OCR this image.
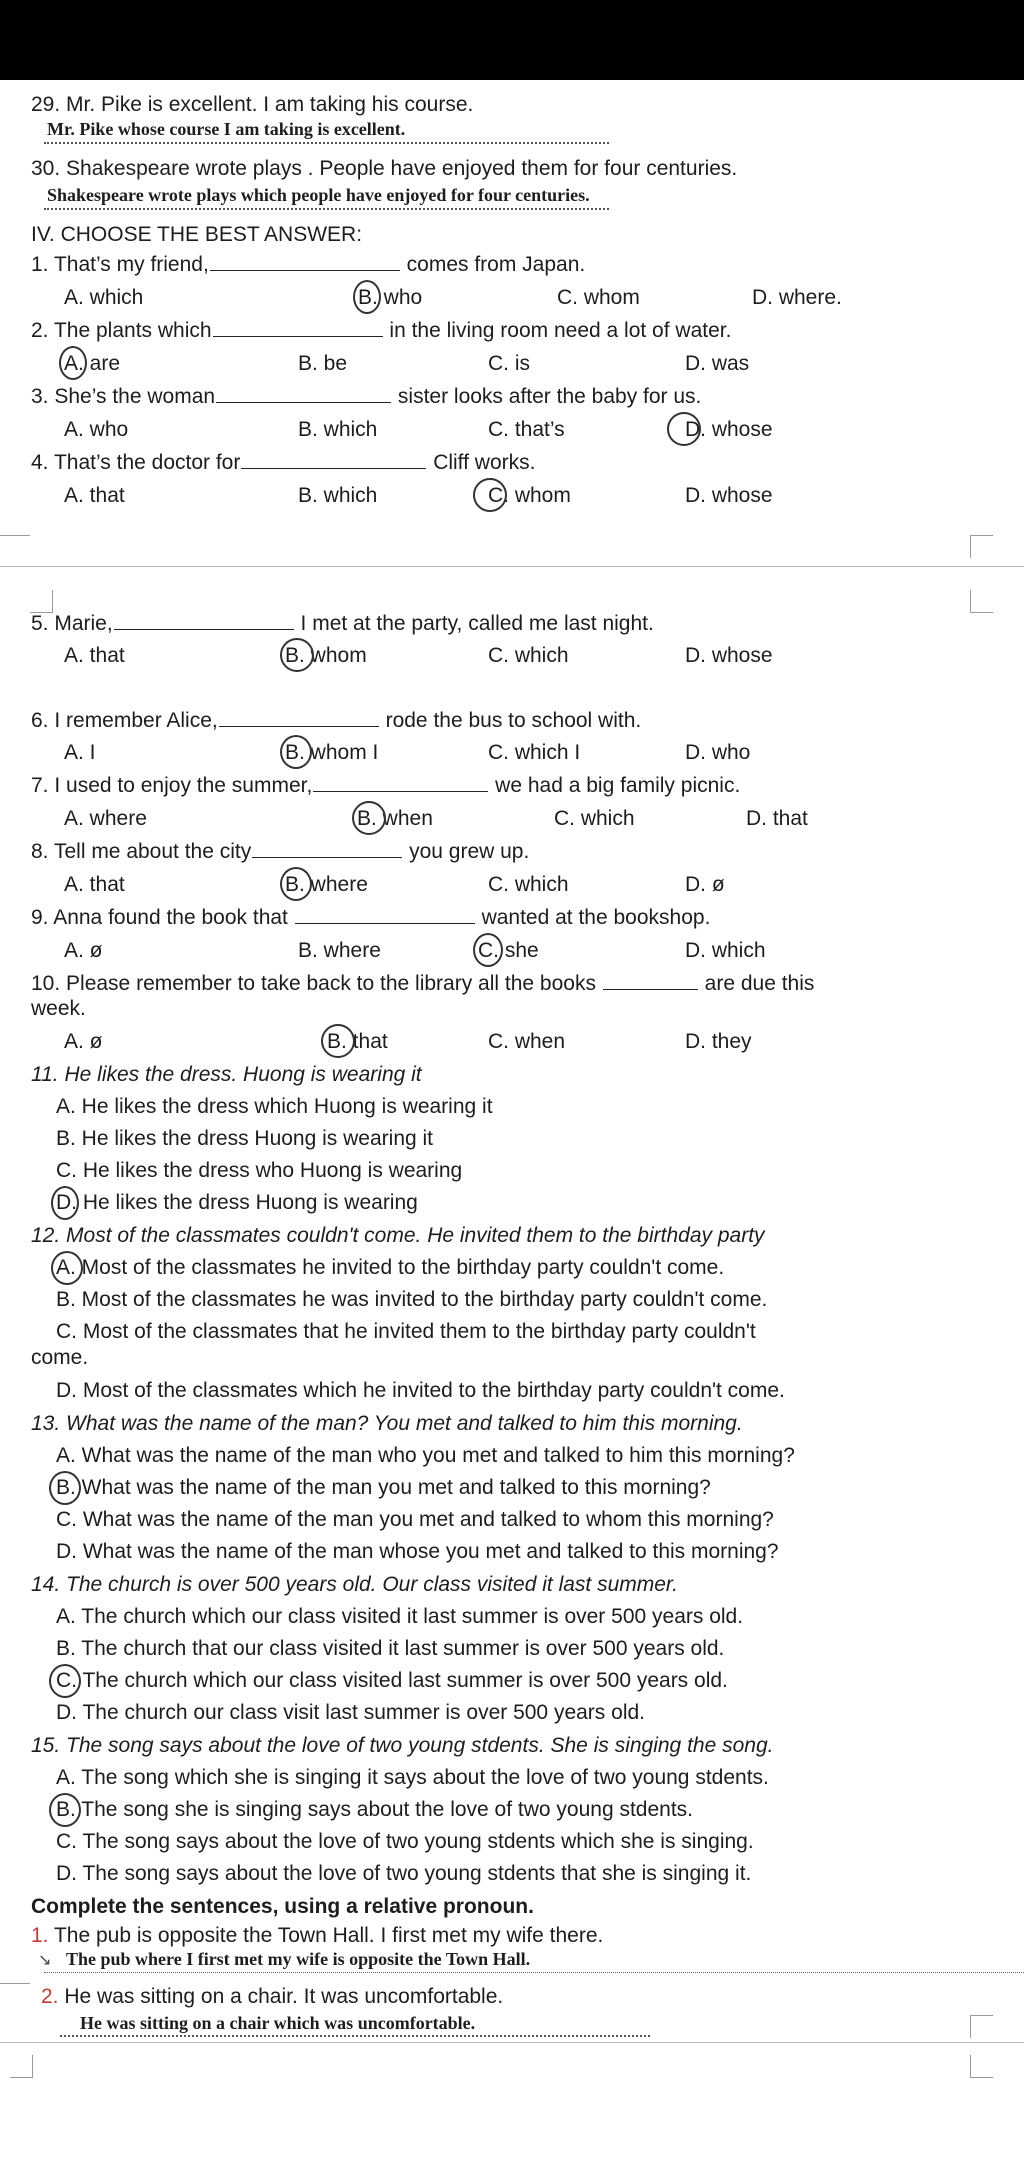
29. Mr. Pike is excellent. I am taking his course.
Mr. Pike whose course I am taking is excellent.
30. Shakespeare wrote plays . People have enjoyed them for four centuries.
Shakespeare wrote plays which people have enjoyed for four centuries.
IV. CHOOSE THE BEST ANSWER:
1. That’s my friend,	comes from Japan.
A. which	B. who	C. whom	D. where.
2. The plants which	in the living room need a lot of water.
A. are	B. be	C. is	D. was
3. She’s the woman	sister looks after the baby for us.
A. who	B. which	C. that’s	D. whose
4. That’s the doctor for	Cliff works.
A. that	B. which	C. whom	D. whose
5. Marie,	I met at the party, called me last night.
A. that	B. whom	C. which	D. whose
6. I remember Alice,	rode the bus to school with.
A. I	B. whom I	C. which I	D. who
7. I used to enjoy the summer,	we had a big family picnic.
A. where	B. when	C. which	D. that
8. Tell me about the city	you grew up.
A. that	B. where	C. which	D. ø
9. Anna found the book that	wanted at the bookshop.
A. ø	B. where	C. she	D. which
10. Please remember to take back to the library all the books	are due this
week.
A. ø	B. that	C. when	D. they
11. He likes the dress. Huong is wearing it
A. He likes the dress which Huong is wearing it
B. He likes the dress Huong is wearing it
C. He likes the dress who Huong is wearing
D. He likes the dress Huong is wearing
12. Most of the classmates couldn't come. He invited them to the birthday party
A. Most of the classmates he invited to the birthday party couldn't come.
B. Most of the classmates he was invited to the birthday party couldn't come.
C. Most of the classmates that he invited them to the birthday party couldn't
come.
D. Most of the classmates which he invited to the birthday party couldn't come.
13. What was the name of the man? You met and talked to him this morning.
A. What was the name of the man who you met and talked to him this morning?
B. What was the name of the man you met and talked to this morning?
C. What was the name of the man you met and talked to whom this morning?
D. What was the name of the man whose you met and talked to this morning?
14. The church is over 500 years old. Our class visited it last summer.
A. The church which our class visited it last summer is over 500 years old.
B. The church that our class visited it last summer is over 500 years old.
C. The church which our class visited last summer is over 500 years old.
D. The church our class visit last summer is over 500 years old.
15. The song says about the love of two young stdents. She is singing the song.
A. The song which she is singing it says about the love of two young stdents.
B. The song she is singing says about the love of two young stdents.
C. The song says about the love of two young stdents which she is singing.
D. The song says about the love of two young stdents that she is singing it.
Complete the sentences, using a relative pronoun.
1. The pub is opposite the Town Hall. I first met my wife there.
↘ The pub where I first met my wife is opposite the Town Hall.
2. He was sitting on a chair. It was uncomfortable.
He was sitting on a chair which was uncomfortable.
